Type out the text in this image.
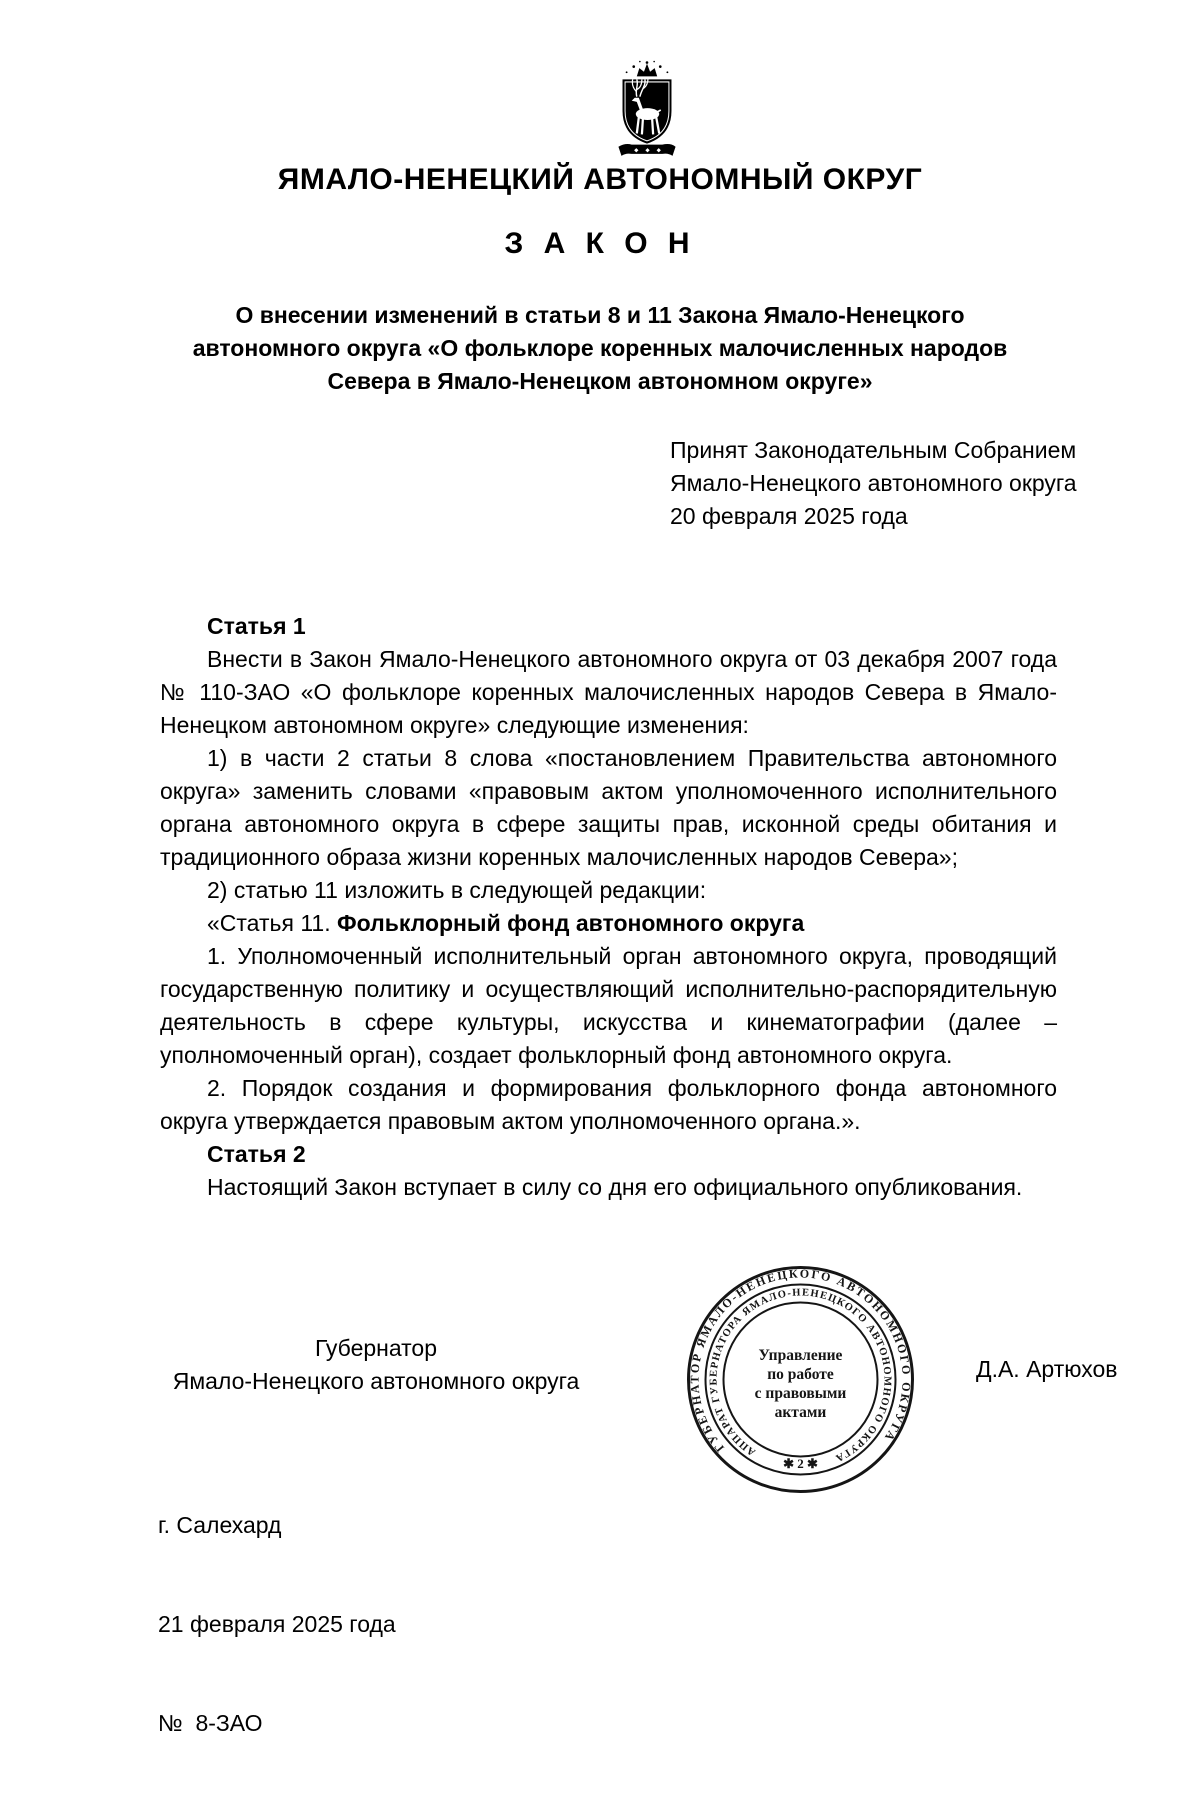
ЯМАЛО-НЕНЕЦКИЙ АВТОНОМНЫЙ ОКРУГ
З А К О Н
О внесении изменений в статьи 8 и 11 Закона Ямало-Ненецкого
автономного округа «О фольклоре коренных малочисленных народов
Севера в Ямало-Ненецком автономном округе»
Принят Законодательным Собранием
Ямало-Ненецкого автономного округа
20 февраля 2025 года

Статья 1

Внести в Закон Ямало-Ненецкого автономного округа от 03 декабря 2007 года № 110-ЗАО «О фольклоре коренных малочисленных народов Севера в Ямало-Ненецком автономном округе» следующие изменения:

1) в части 2 статьи 8 слова «постановлением Правительства автономного округа» заменить словами «правовым актом уполномоченного исполнительного органа автономного округа в сфере защиты прав, исконной среды обитания и традиционного образа жизни коренных малочисленных народов Севера»;

2) статью 11 изложить в следующей редакции:

«Статья 11. Фольклорный фонд автономного округа

1. Уполномоченный исполнительный орган автономного округа, проводящий государственную политику и осуществляющий исполнительно-распорядительную деятельность в сфере культуры, искусства и кинематографии (далее – уполномоченный орган), создает фольклорный фонд автономного округа.

2. Порядок создания и формирования фольклорного фонда автономного округа утверждается правовым актом уполномоченного органа.».

Статья 2

Настоящий Закон вступает в силу со дня его официального опубликования.

Губернатор
Ямало-Ненецкого автономного округа	Д.А. Артюхов
ГУБЕРНАТОР ЯМАЛО-НЕНЕЦКОГО АВТОНОМНОГО ОКРУГА
АППАРАТ ГУБЕРНАТОРА ЯМАЛО-НЕНЕЦКОГО АВТОНОМНОГО ОКРУГА
Управление
по работе
с правовыми
актами
✱ 2 ✱

г. Салехард

21 февраля 2025 года

№  8-ЗАО
